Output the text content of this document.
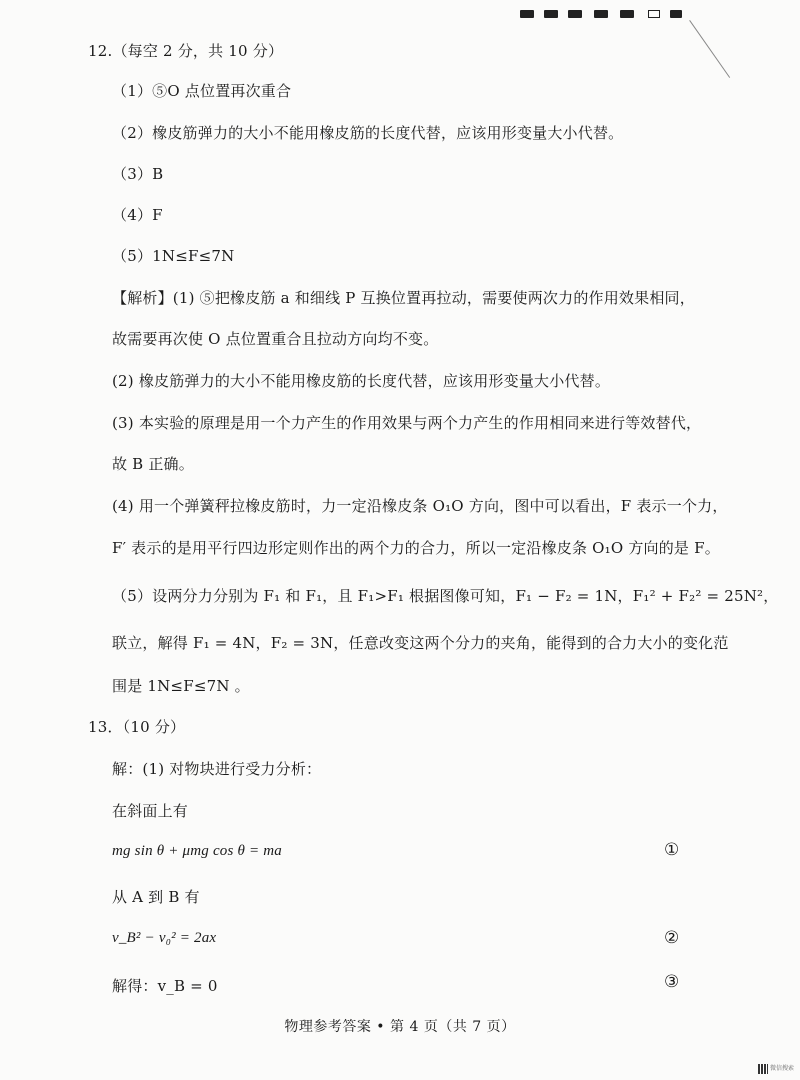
12.（每空 2 分，共 10 分）
（1）⑤O 点位置再次重合
（2）橡皮筋弹力的大小不能用橡皮筋的长度代替，应该用形变量大小代替。
（3）B
（4）F
（5）1N≤F≤7N
【解析】(1) ⑤把橡皮筋 a 和细线 P 互换位置再拉动，需要使两次力的作用效果相同，
故需要再次使 O 点位置重合且拉动方向均不变。
(2) 橡皮筋弹力的大小不能用橡皮筋的长度代替，应该用形变量大小代替。
(3) 本实验的原理是用一个力产生的作用效果与两个力产生的作用相同来进行等效替代，
故 B 正确。
(4) 用一个弹簧秤拉橡皮筋时，力一定沿橡皮条 O₁O 方向，图中可以看出，F 表示一个力，
F′ 表示的是用平行四边形定则作出的两个力的合力，所以一定沿橡皮条 O₁O 方向的是 F。
（5）设两分力分别为 F₁ 和 F₁，且 F₁>F₁ 根据图像可知，F₁ − F₂ = 1N，F₁² + F₂² = 25N²，
联立，解得 F₁ = 4N，F₂ = 3N，任意改变这两个分力的夹角，能得到的合力大小的变化范
围是 1N≤F≤7N 。
13．（10 分）
解：(1) 对物块进行受力分析：
在斜面上有
mg sin θ + μmg cos θ = ma	①
从 A 到 B 有
v_B² − v₀² = 2ax	②
解得：v_B = 0	③
物理参考答案 • 第 4 页（共 7 页）
微信搜索
